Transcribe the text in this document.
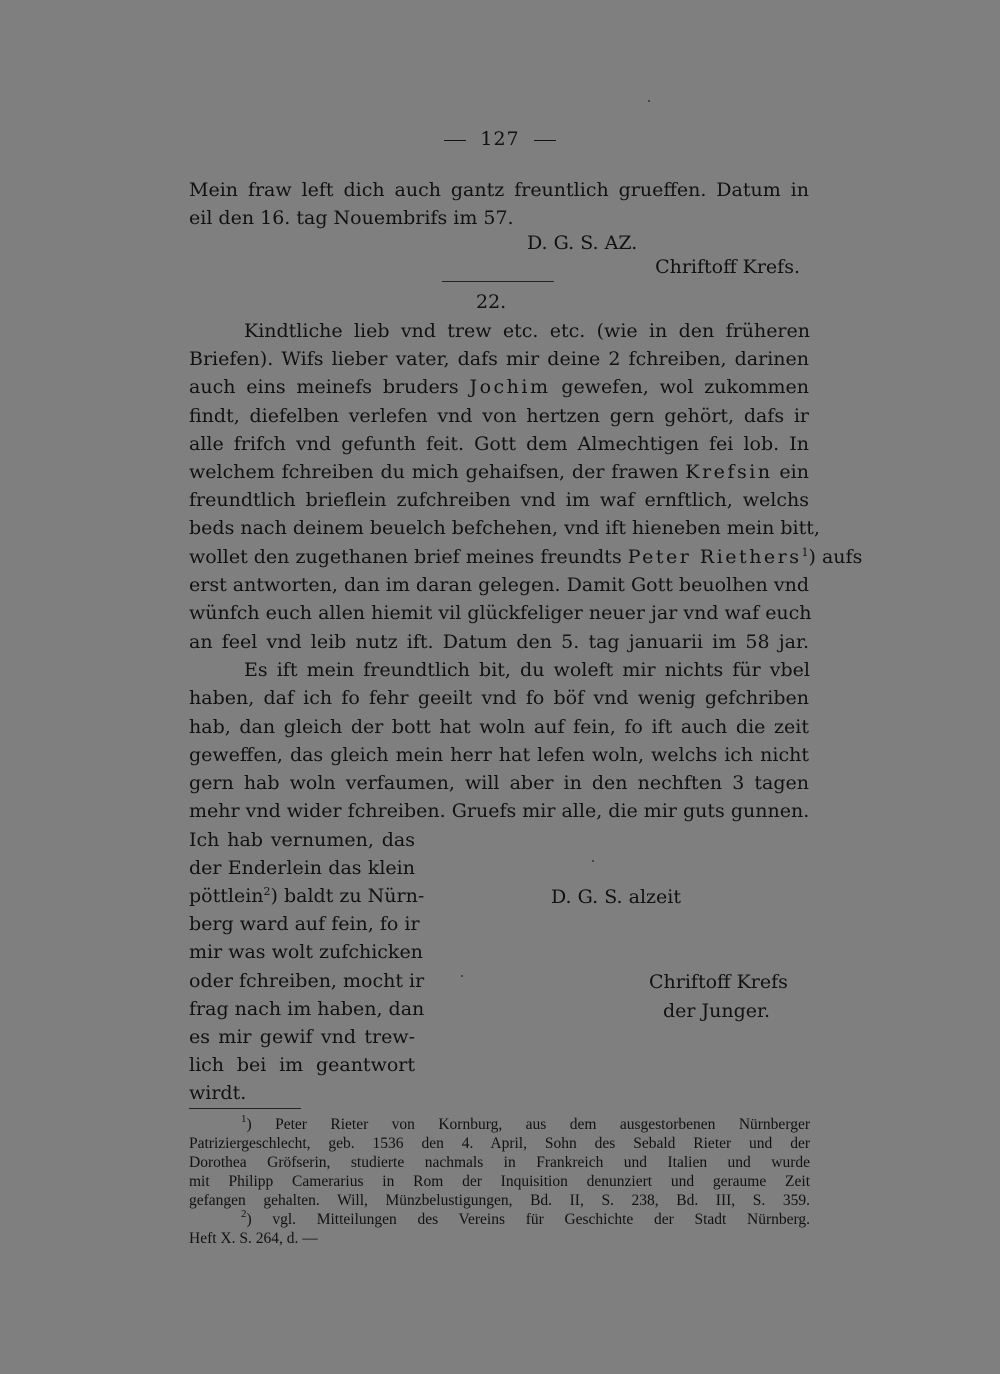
127
Mein fraw left dich auch gantz freuntlich grueffen. Datum in
eil den 16. tag Nouembrifs im 57.
D. G. S. AZ.
Chriftoff Krefs.
22.
Kindtliche lieb vnd trew etc. etc. (wie in den früheren
Briefen). Wifs lieber vater, dafs mir deine 2 fchreiben, darinen
auch eins meinefs bruders Jochim gewefen, wol zukommen
findt, diefelben verlefen vnd von hertzen gern gehört, dafs ir
alle frifch vnd gefunth feit. Gott dem Almechtigen fei lob. In
welchem fchreiben du mich gehaifsen, der frawen Krefsin ein
freundtlich brieflein zufchreiben vnd im waf ernftlich, welchs
beds nach deinem beuelch befchehen, vnd ift hieneben mein bitt,
wollet den zugethanen brief meines freundts Peter Riethers$^1$) aufs
erst antworten, dan im daran gelegen. Damit Gott beuolhen vnd
wünfch euch allen hiemit vil glückfeliger neuer jar vnd waf euch
an feel vnd leib nutz ift. Datum den 5. tag januarii im 58 jar.
Es ift mein freundtlich bit, du woleft mir nichts für vbel
haben, daf ich fo fehr geeilt vnd fo böf vnd wenig gefchriben
hab, dan gleich der bott hat woln auf fein, fo ift auch die zeit
geweffen, das gleich mein herr hat lefen woln, welchs ich nicht
gern hab woln verfaumen, will aber in den nechften 3 tagen
mehr vnd wider fchreiben. Gruefs mir alle, die mir guts gunnen.
Ich hab vernumen, das
der Enderlein das klein
pöttlein$^2$) baldt zu Nürn-
berg ward auf fein, fo ir
mir was wolt zufchicken
oder fchreiben, mocht ir
frag nach im haben, dan
es mir gewif vnd trew-
lich bei im geantwort
wirdt.
D. G. S. alzeit
Chriftoff Krefs
der Junger.
$^1$) Peter Rieter von Kornburg, aus dem ausgestorbenen Nürnberger
Patriziergeschlecht, geb. 1536 den 4. April, Sohn des Sebald Rieter und der
Dorothea Gröfserin, studierte nachmals in Frankreich und Italien und wurde
mit Philipp Camerarius in Rom der Inquisition denunziert und geraume Zeit
gefangen gehalten. Will, Münzbelustigungen, Bd. II, S. 238, Bd. III, S. 359.
$^2$) vgl. Mitteilungen des Vereins für Geschichte der Stadt Nürnberg.
Heft X. S. 264, d. —
